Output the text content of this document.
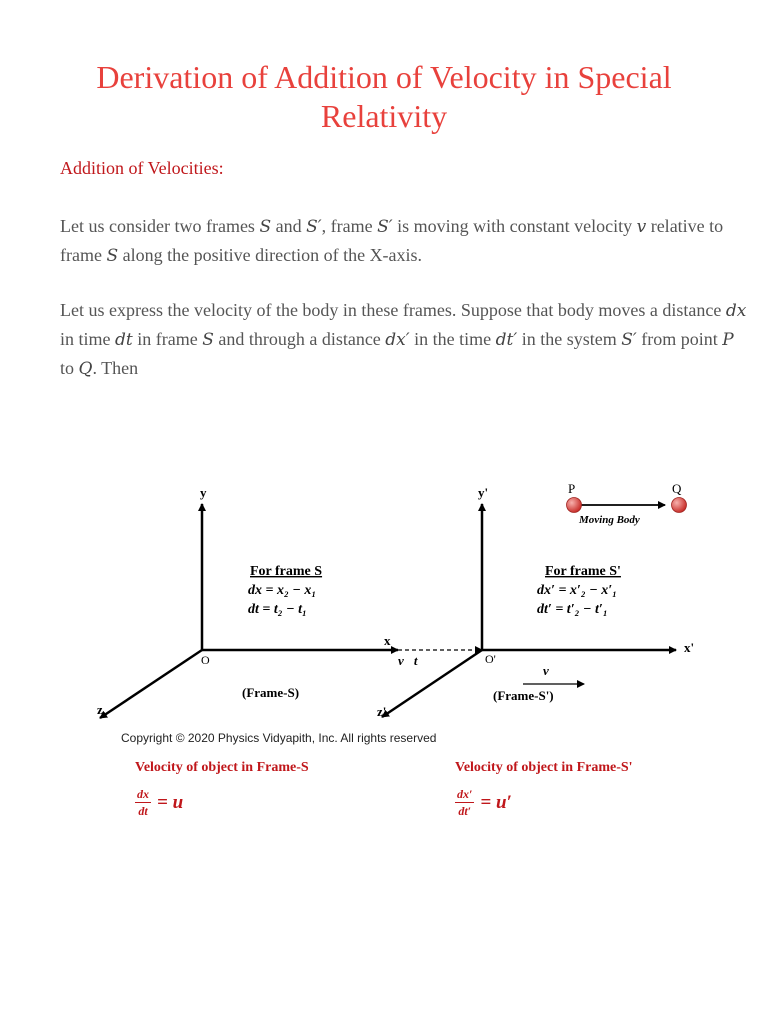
Derivation of Addition of Velocity in Special Relativity

Addition of Velocities:

Let us consider two frames S and S′, frame S′ is moving with constant velocity v relative to frame S along the positive direction of the X-axis.

Let us express the velocity of the body in these frames. Suppose that body moves a distance dx in time dt in frame S and through a distance dx′ in the time dt′ in the system S′ from point P to Q. Then

y
x
z
O
For frame S
dx = x₂ − x₁
dt = t₂ − t₁
(Frame-S)
v⃗t
y'
x'
z'
O'
P	Q
Moving Body
For frame S'
dx′ = x′₂ − x′₁
dt′ = t′₂ − t′₁
v⃗
(Frame-S')
Copyright © 2020 Physics Vidyapith, Inc. All rights reserved
Velocity of object in Frame-S	Velocity of object in Frame-S'
$\frac{dx}{dt} = u$	$\frac{dx'}{dt'} = u'$
